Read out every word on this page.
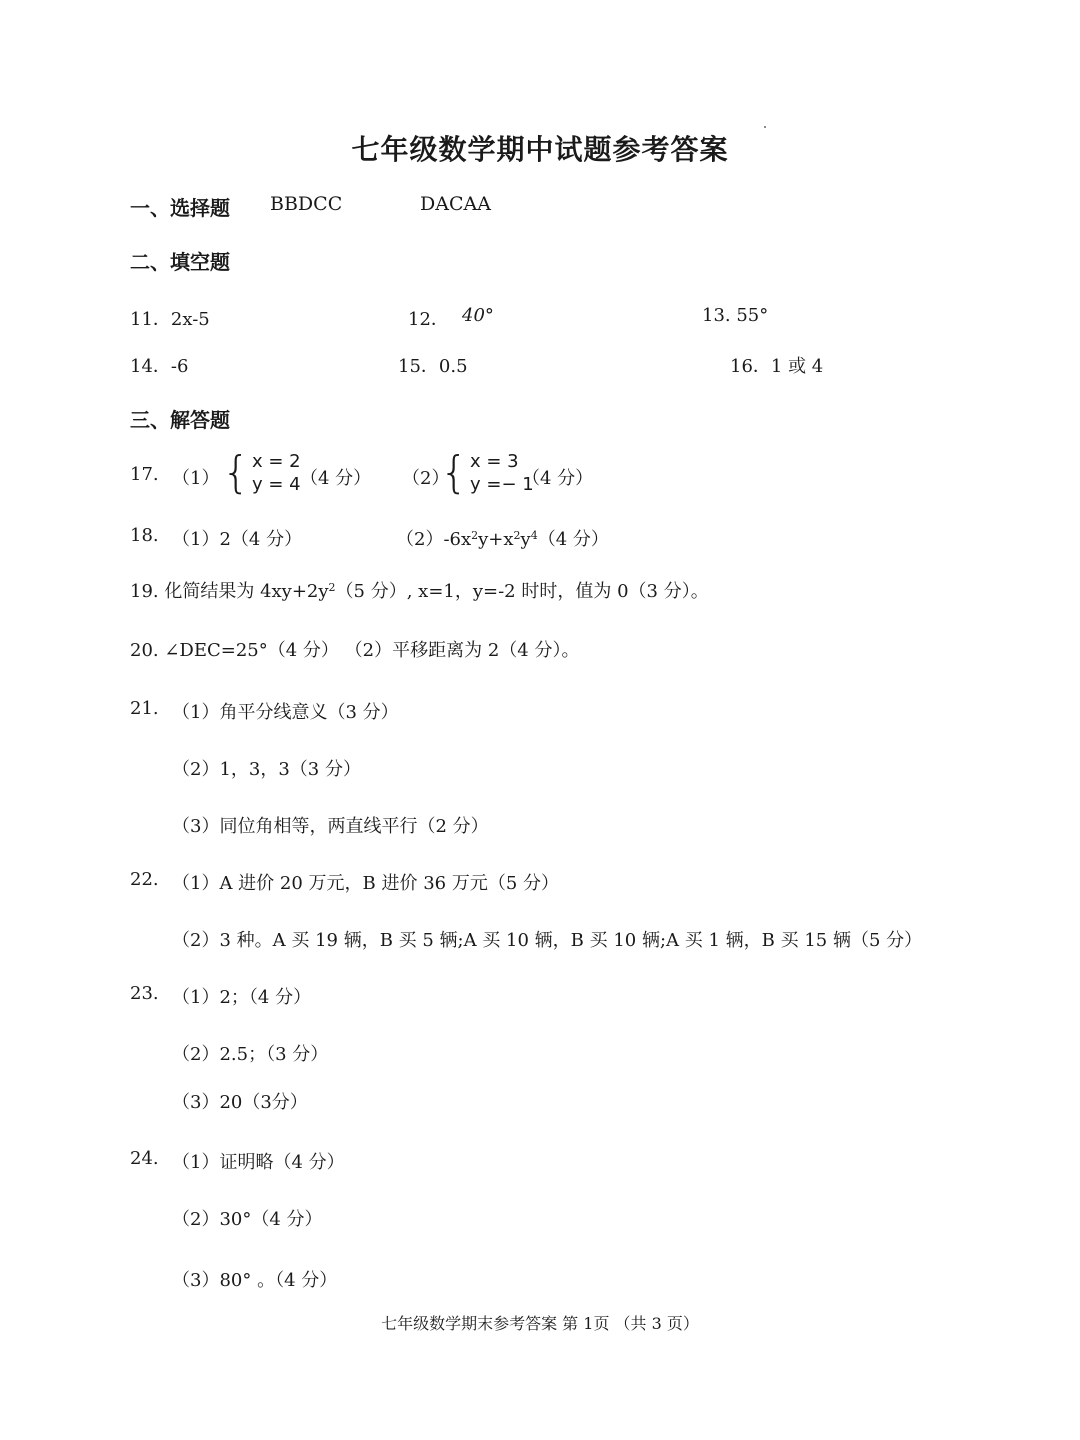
七年级数学期中试题参考答案
一、选择题 BBDCC	DACAA
二、填空题
11．2x-5	12． 40°	13. 55°
14．-6	15．0.5	16．1 或 4
三、解答题
17. （1） { x = 2
y = 4 （4 分） （2）
{ x = 3
y =− 1
（4 分）
18. （1）2（4 分）	$(2)-6x^2y+x^2y^4(4$ 分）
19. 化简结果为 $4xy+2y^2(5$ 分）, x=1，y=-2 时时，值为 0（3 分）。
20. ∠DEC=25°（4 分） （2）平移距离为 2（4 分）。
21. （1）角平分线意义（3 分）
（2）1，3，3（3 分）
（3）同位角相等，两直线平行（2 分）
22. （1）A 进价 20 万元，B 进价 36 万元（5 分）
（2）3 种。A 买 19 辆，B 买 5 辆;A 买 10 辆，B 买 10 辆;A 买 1 辆，B 买 15 辆（5 分）
23. （1）2；（4 分）
（2）2.5；（3 分）
（3）20（3分）
24. （1）证明略（4 分）
（2）30°（4 分）
（3）80° 。（4 分）
七年级数学期末参考答案 第 1页 （共 3 页）
